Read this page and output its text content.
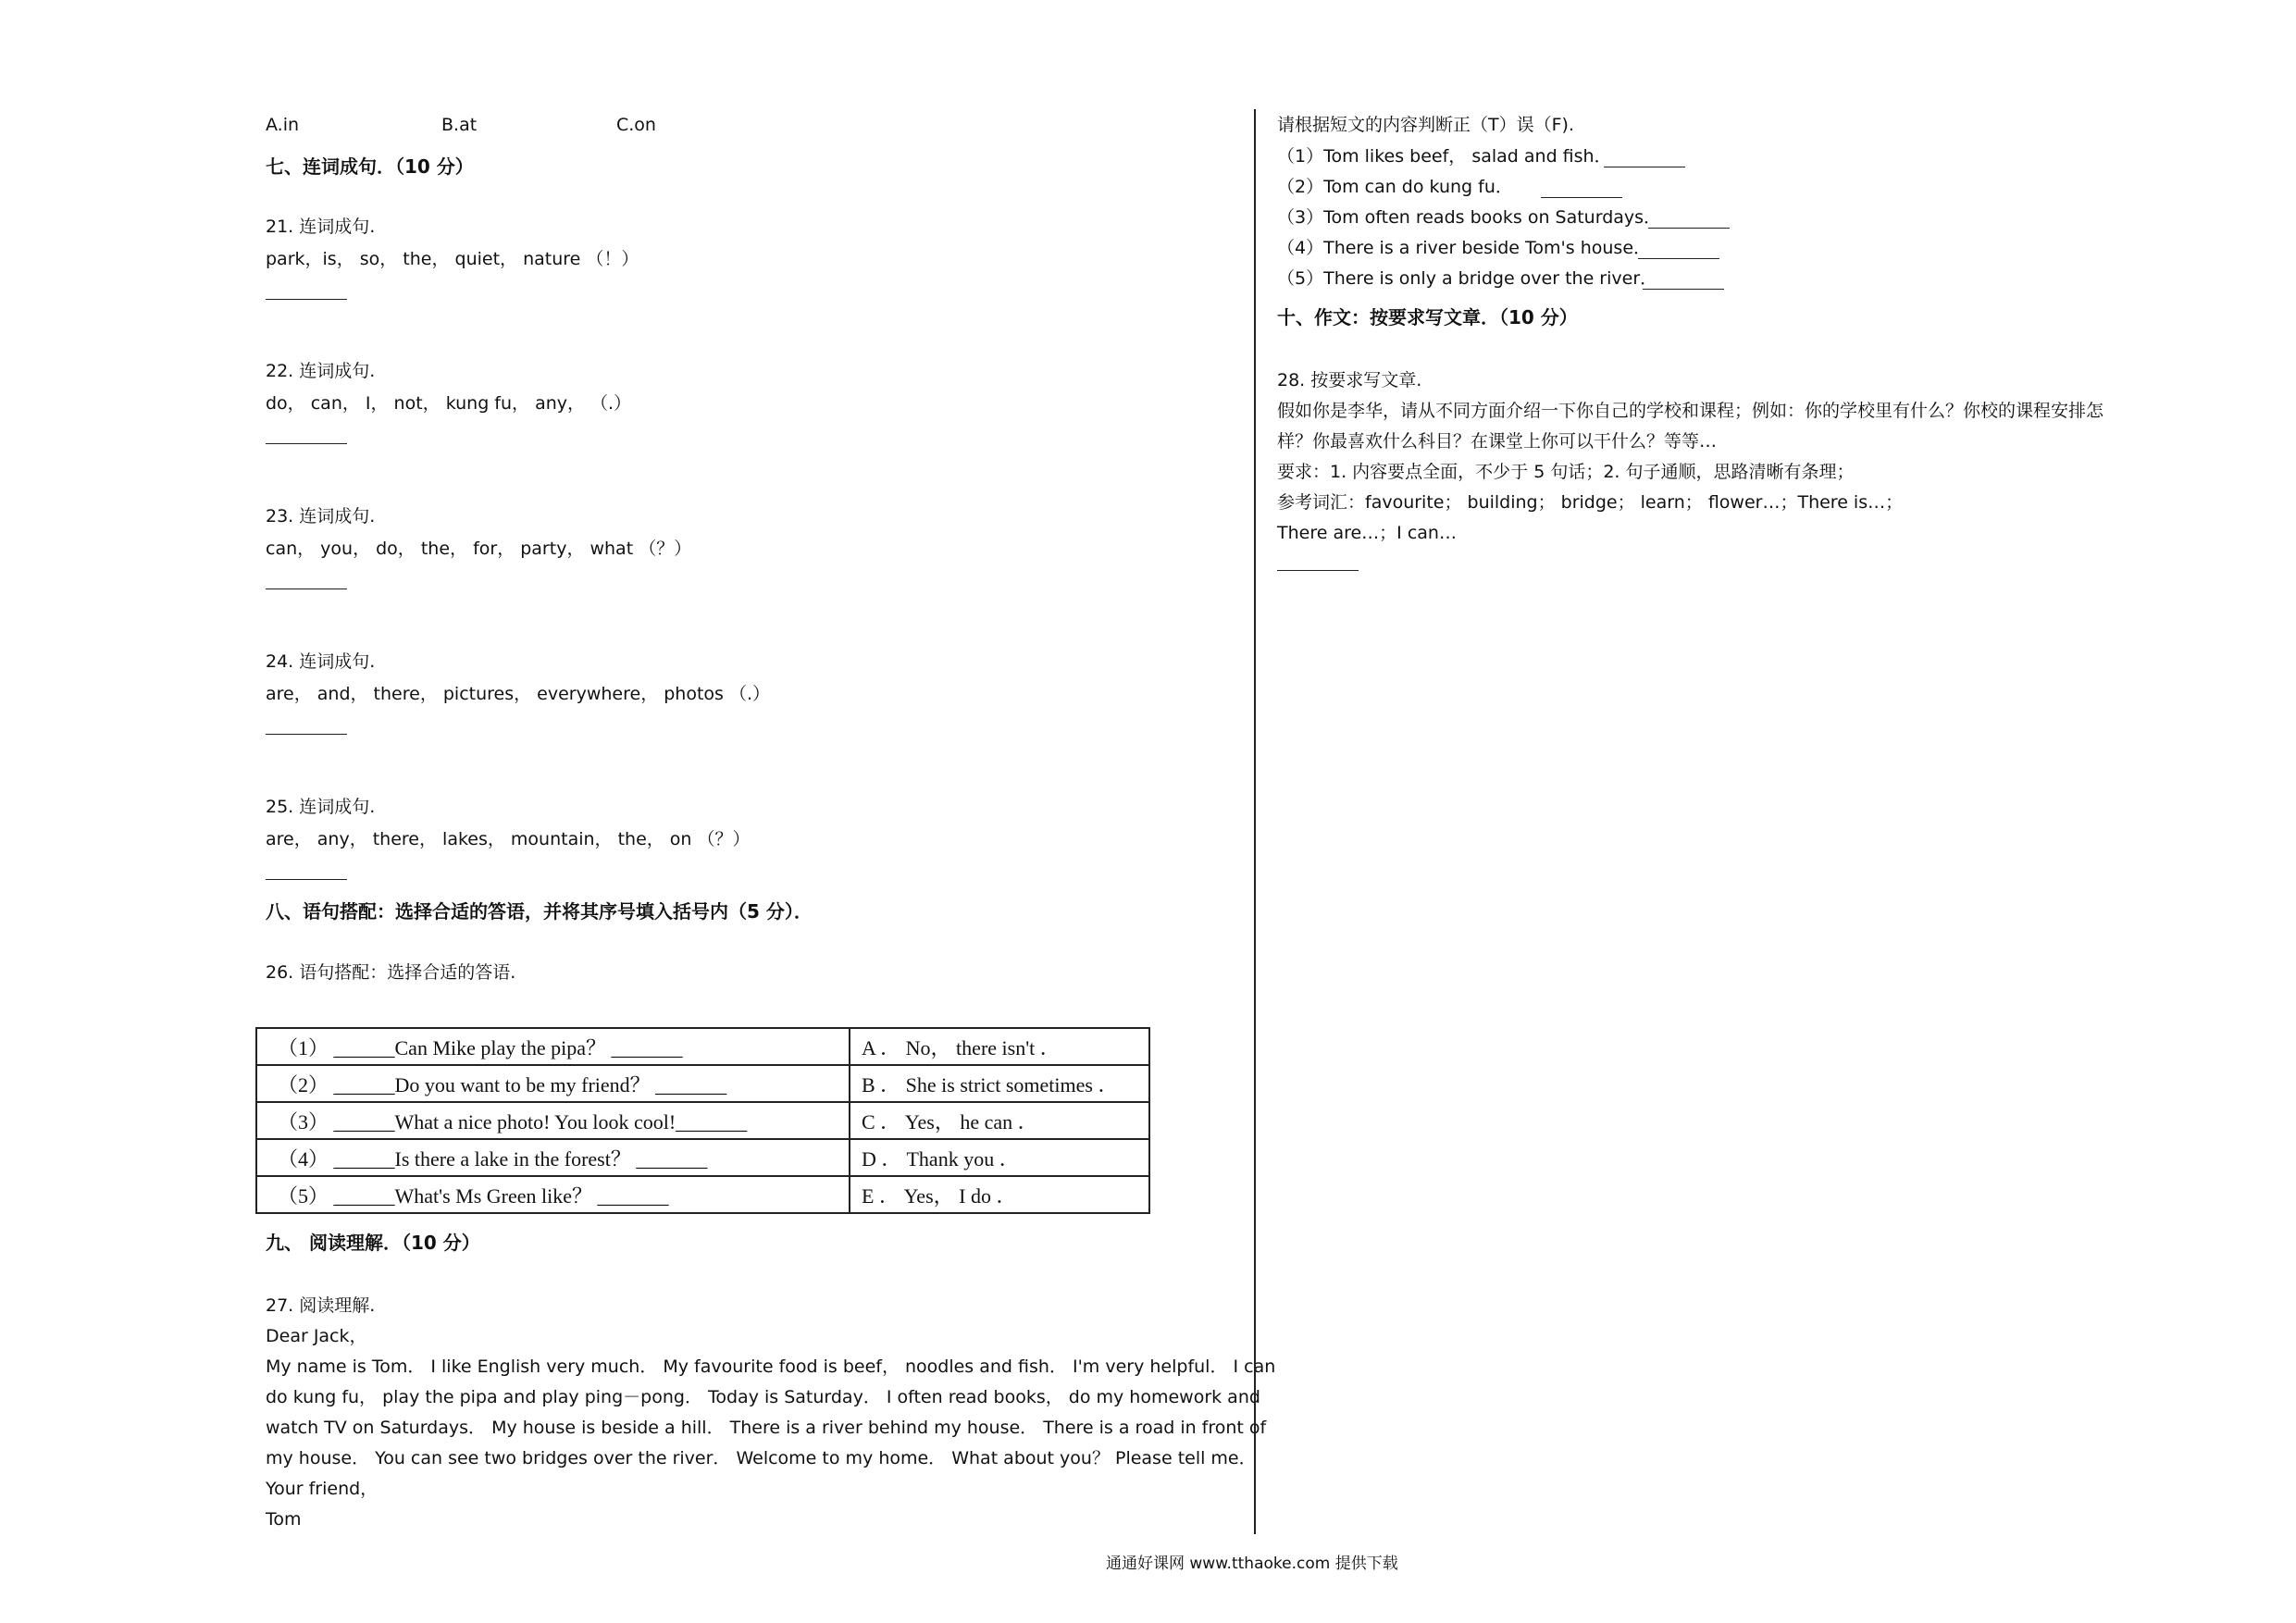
A.in	B.at	C.on
七、连词成句．（10 分）
21. 连词成句.
park，is， so， the， quiet， nature （！）
22. 连词成句.
do， can， I， not， kung fu， any， （.）
23. 连词成句.
can， you， do， the， for， party， what （？）
24. 连词成句.
are， and， there， pictures， everywhere， photos （.）
25. 连词成句.
are， any， there， lakes， mountain， the， on （？）
八、语句搭配：选择合适的答语，并将其序号填入括号内（5 分）．
26. 语句搭配：选择合适的答语.
（1） ______Can Mike play the pipa？ _______	A ． No， there isn't ．
（2） ______Do you want to be my friend？ _______	B ． She is strict sometimes ．
（3） ______What a nice photo! You look cool!_______	C ． Yes， he can ．
（4） ______Is there a lake in the forest？ _______	D ． Thank you ．
（5） ______What's Ms Green like？ _______	E ． Yes， I do ．
九、 阅读理解．（10 分）
27. 阅读理解.
Dear Jack，
My name is Tom． I like English very much． My favourite food is beef， noodles and fish． I'm very helpful． I can
do kung fu， play the pipa and play ping－pong． Today is Saturday． I often read books， do my homework and
watch TV on Saturdays． My house is beside a hill． There is a river behind my house． There is a road in front of
my house． You can see two bridges over the river． Welcome to my home． What about you？ Please tell me．
Your friend，
Tom
请根据短文的内容判断正（T）误（F).
（1）Tom likes beef， salad and fish．
（2）Tom can do kung fu．
（3）Tom often reads books on Saturdays．
（4）There is a river beside Tom's house．
（5）There is only a bridge over the river．
十、作文：按要求写文章．（10 分）
28. 按要求写文章.
假如你是李华，请从不同方面介绍一下你自己的学校和课程；例如：你的学校里有什么？你校的课程安排怎
样？你最喜欢什么科目？在课堂上你可以干什么？等等…
要求：1. 内容要点全面，不少于 5 句话；2. 句子通顺，思路清晰有条理；
参考词汇：favourite； building； bridge； learn； flower…；There is…；
There are…；I can…
通通好课网 www.tthaoke.com 提供下载
